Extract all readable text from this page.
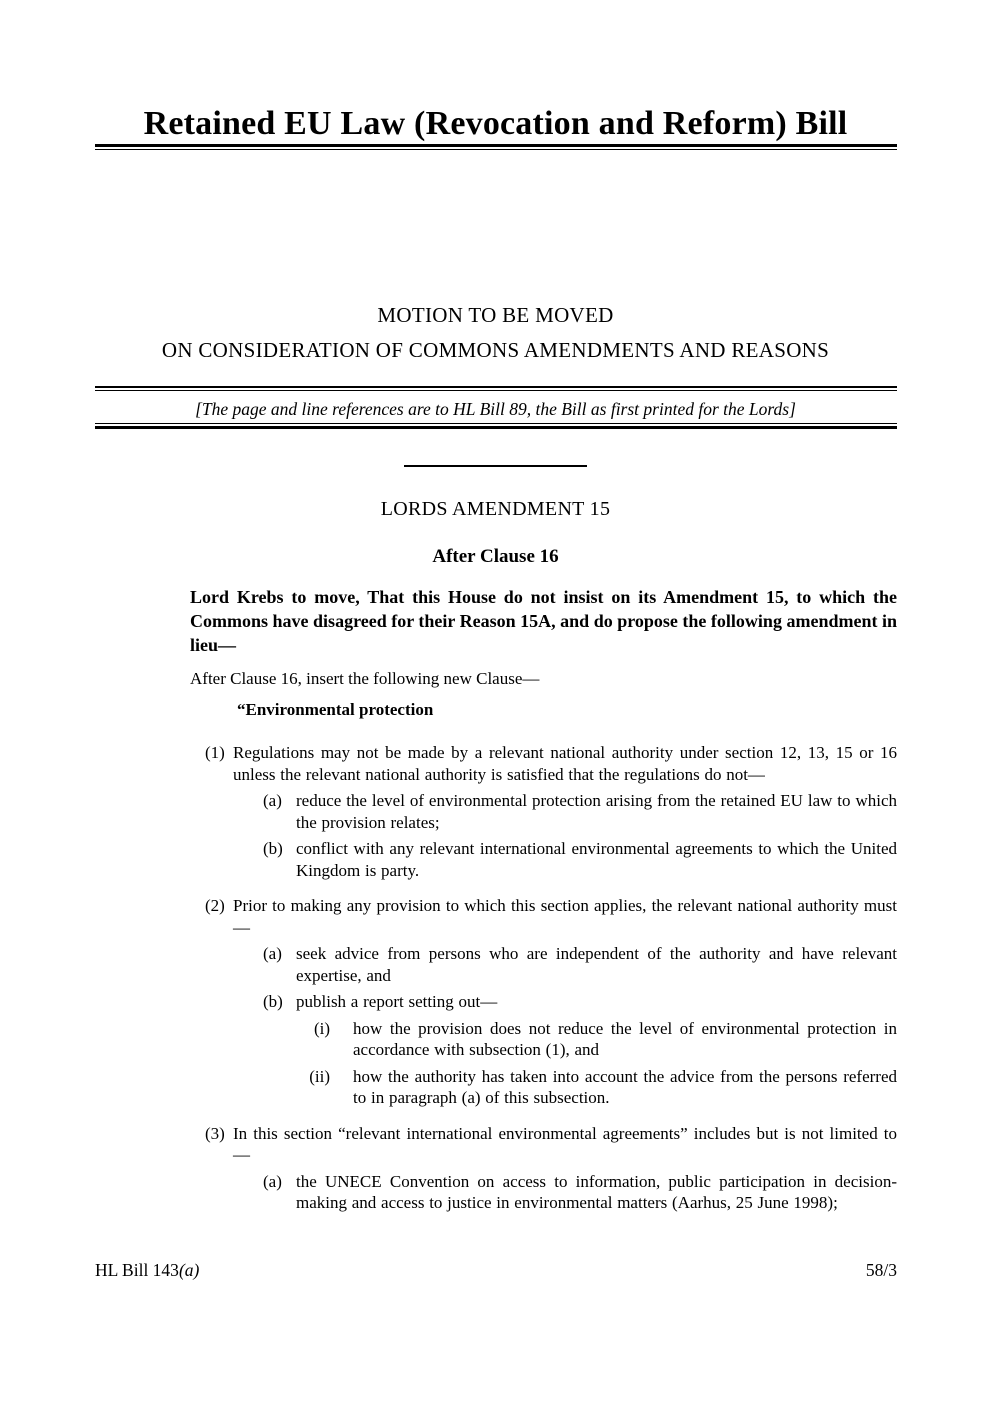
Retained EU Law (Revocation and Reform) Bill
MOTION TO BE MOVED
ON CONSIDERATION OF COMMONS AMENDMENTS AND REASONS
[The page and line references are to HL Bill 89, the Bill as first printed for the Lords]
LORDS AMENDMENT 15
After Clause 16

Lord Krebs to move, That this House do not insist on its Amendment 15, to which the Commons have disagreed for their Reason 15A, and do propose the following amendment in lieu—

After Clause 16, insert the following new Clause—

“Environmental protection

(1) Regulations may not be made by a relevant national authority under section 12, 13, 15 or 16 unless the relevant national authority is satisfied that the regulations do not—
(a) reduce the level of environmental protection arising from the retained EU law to which the provision relates;
(b) conflict with any relevant international environmental agreements to which the United Kingdom is party.
(2) Prior to making any provision to which this section applies, the relevant national authority must—
(a) seek advice from persons who are independent of the authority and have relevant expertise, and
(b) publish a report setting out—
(i) how the provision does not reduce the level of environmental protection in accordance with subsection (1), and
(ii) how the authority has taken into account the advice from the persons referred to in paragraph (a) of this subsection.
(3) In this section “relevant international environmental agreements” includes but is not limited to—
(a) the UNECE Convention on access to information, public participation in decision-making and access to justice in environmental matters (Aarhus, 25 June 1998);
HL Bill 143(a)	58/3
